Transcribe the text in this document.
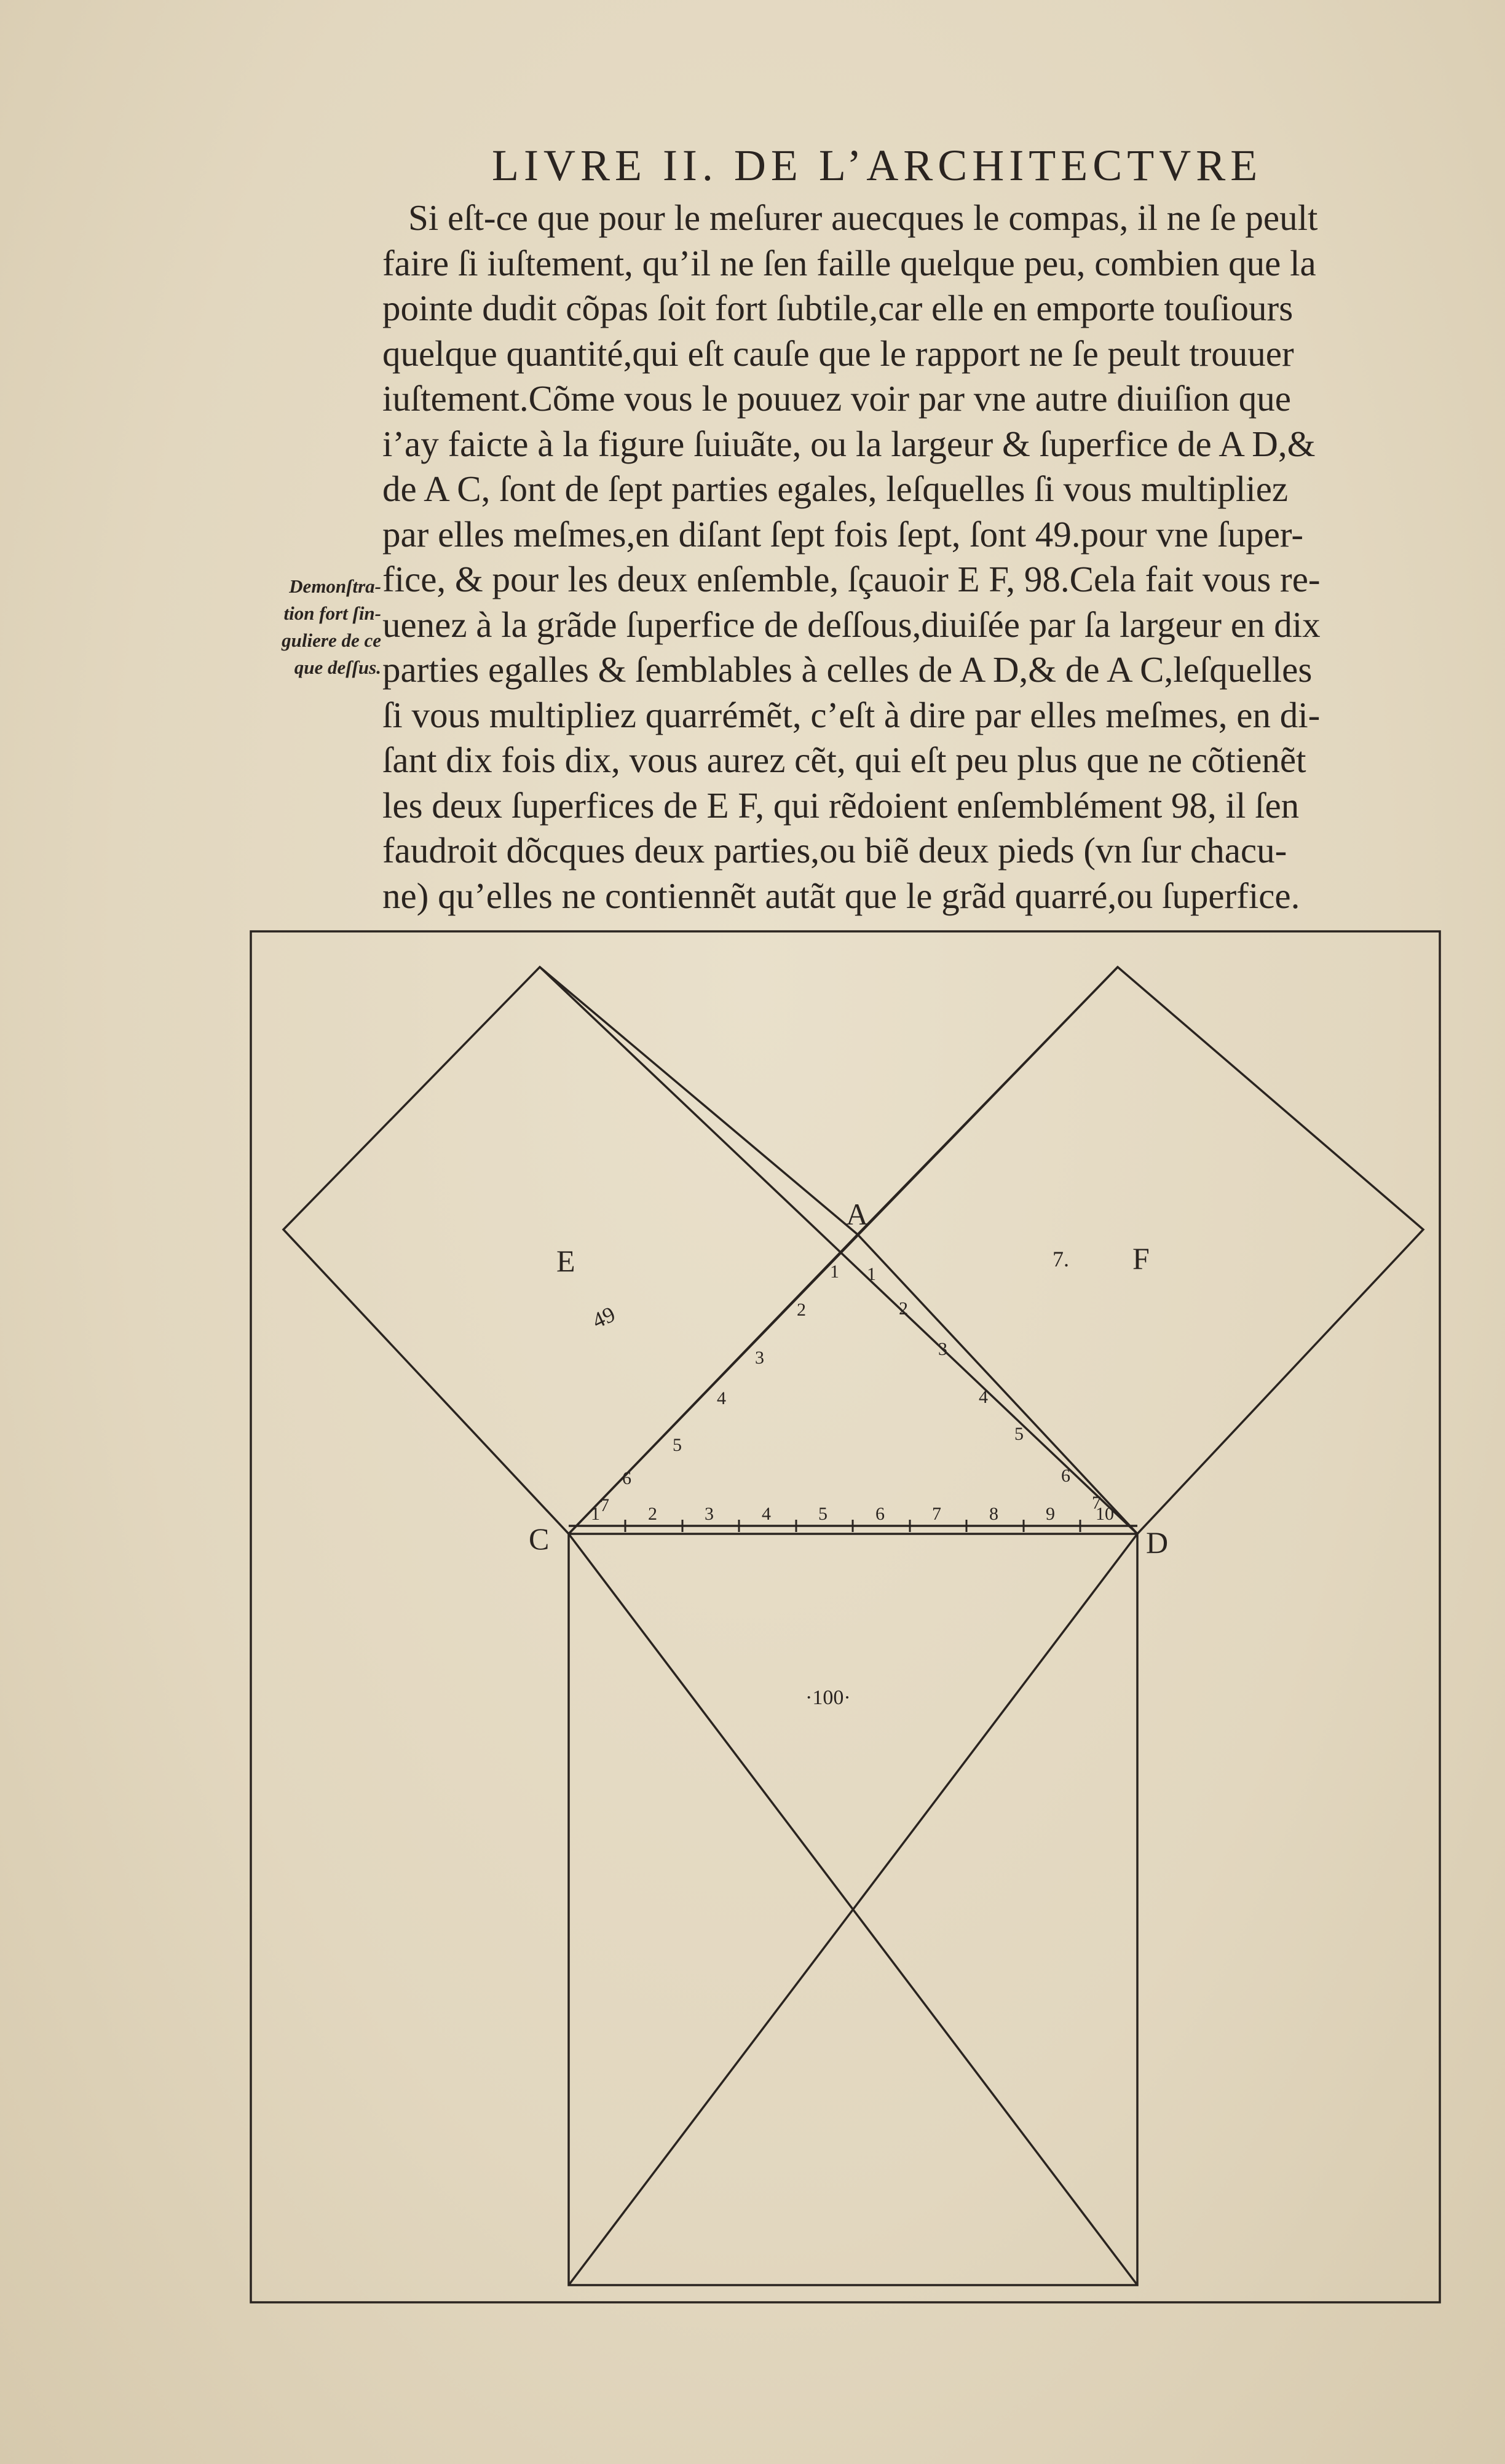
LIVRE II. DE L’ARCHITECTVRE
Demonſtra-
tion fort ſin-
guliere de ce
que deſſus.
Si eſt-ce que pour le meſurer auecques le compas, il ne ſe peult
faire ſi iuſtement, qu’il ne ſen faille quelque peu, combien que la
pointe dudit cõpas ſoit fort ſubtile,car elle en emporte touſiours
quelque quantité,qui eſt cauſe que le rapport ne ſe peult trouuer
iuſtement.Cõme vous le pouuez voir par vne autre diuiſion que
i’ay faicte à la figure ſuiuãte, ou la largeur & ſuperfice de A D,&
de A C, ſont de ſept parties egales, leſquelles ſi vous multipliez
par elles meſmes,en diſant ſept fois ſept, ſont 49.pour vne ſuper-
fice, & pour les deux enſemble, ſçauoir E F, 98.Cela fait vous re-
uenez à la grãde ſuperfice de deſſous,diuiſée par ſa largeur en dix
parties egalles & ſemblables à celles de A D,& de A C,leſquelles
ſi vous multipliez quarrémẽt, c’eſt à dire par elles meſmes, en di-
ſant dix fois dix, vous aurez cẽt, qui eſt peu plus que ne cõtienẽt
les deux ſuperfices de E F, qui rẽdoient enſemblément 98, il ſen
faudroit dõcques deux parties,ou biẽ deux pieds (vn ſur chacu-
ne) qu’elles ne contiennẽt autãt que le grãd quarré,ou ſuperfice.
1	2	3	4	5	6	7	8	9 10
1
2
3
4
5
6
7
1
2
3
4
5
6
7
A
C	D
E	F
49
7.
·100·
